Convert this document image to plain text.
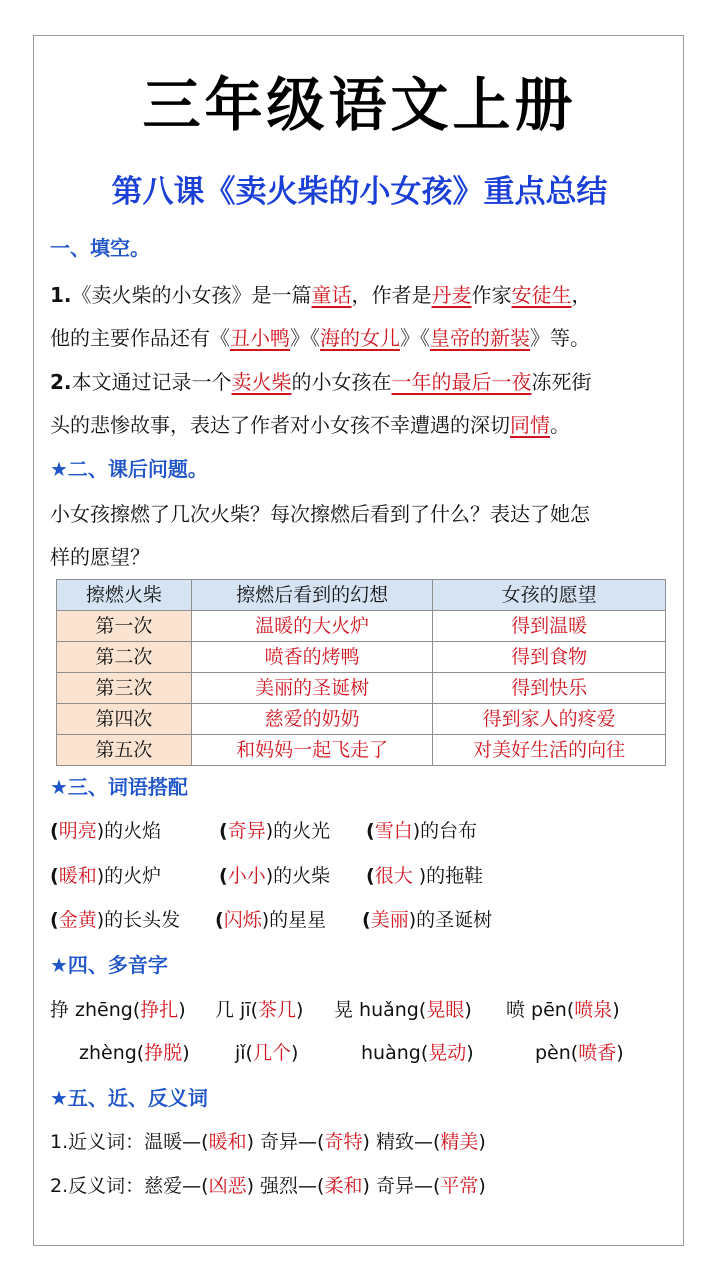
三年级语文上册
第八课《卖火柴的小女孩》重点总结
一、填空。
1.《卖火柴的小女孩》是一篇童话，作者是丹麦作家安徒生，
他的主要作品还有《丑小鸭》《海的女儿》《皇帝的新装》等。
2.本文通过记录一个卖火柴的小女孩在一年的最后一夜冻死街
头的悲惨故事，表达了作者对小女孩不幸遭遇的深切同情。
★二、课后问题。
小女孩擦燃了几次火柴？每次擦燃后看到了什么？表达了她怎
样的愿望？
擦燃火柴	擦燃后看到的幻想	女孩的愿望
第一次	温暖的大火炉	得到温暖
第二次	喷香的烤鸭	得到食物
第三次	美丽的圣诞树	得到快乐
第四次	慈爱的奶奶	得到家人的疼爱
第五次	和妈妈一起飞走了	对美好生活的向往
★三、词语搭配
(明亮)的火焰	(奇异)的火光 (雪白)的台布
(暖和)的火炉	(小小)的火柴 (很大 )的拖鞋
(金黄)的长头发 (闪烁)的星星 (美丽)的圣诞树
★四、多音字
挣 zhēng(挣扎) 几 jī(茶几) 晃 huǎng(晃眼) 喷 pēn(喷泉)
zhèng(挣脱) jǐ(几个)	huàng(晃动)	pèn(喷香)
★五、近、反义词
1.近义词：温暖—(暖和) 奇异—(奇特) 精致—(精美)
2.反义词：慈爱—(凶恶) 强烈—(柔和) 奇异—(平常)
